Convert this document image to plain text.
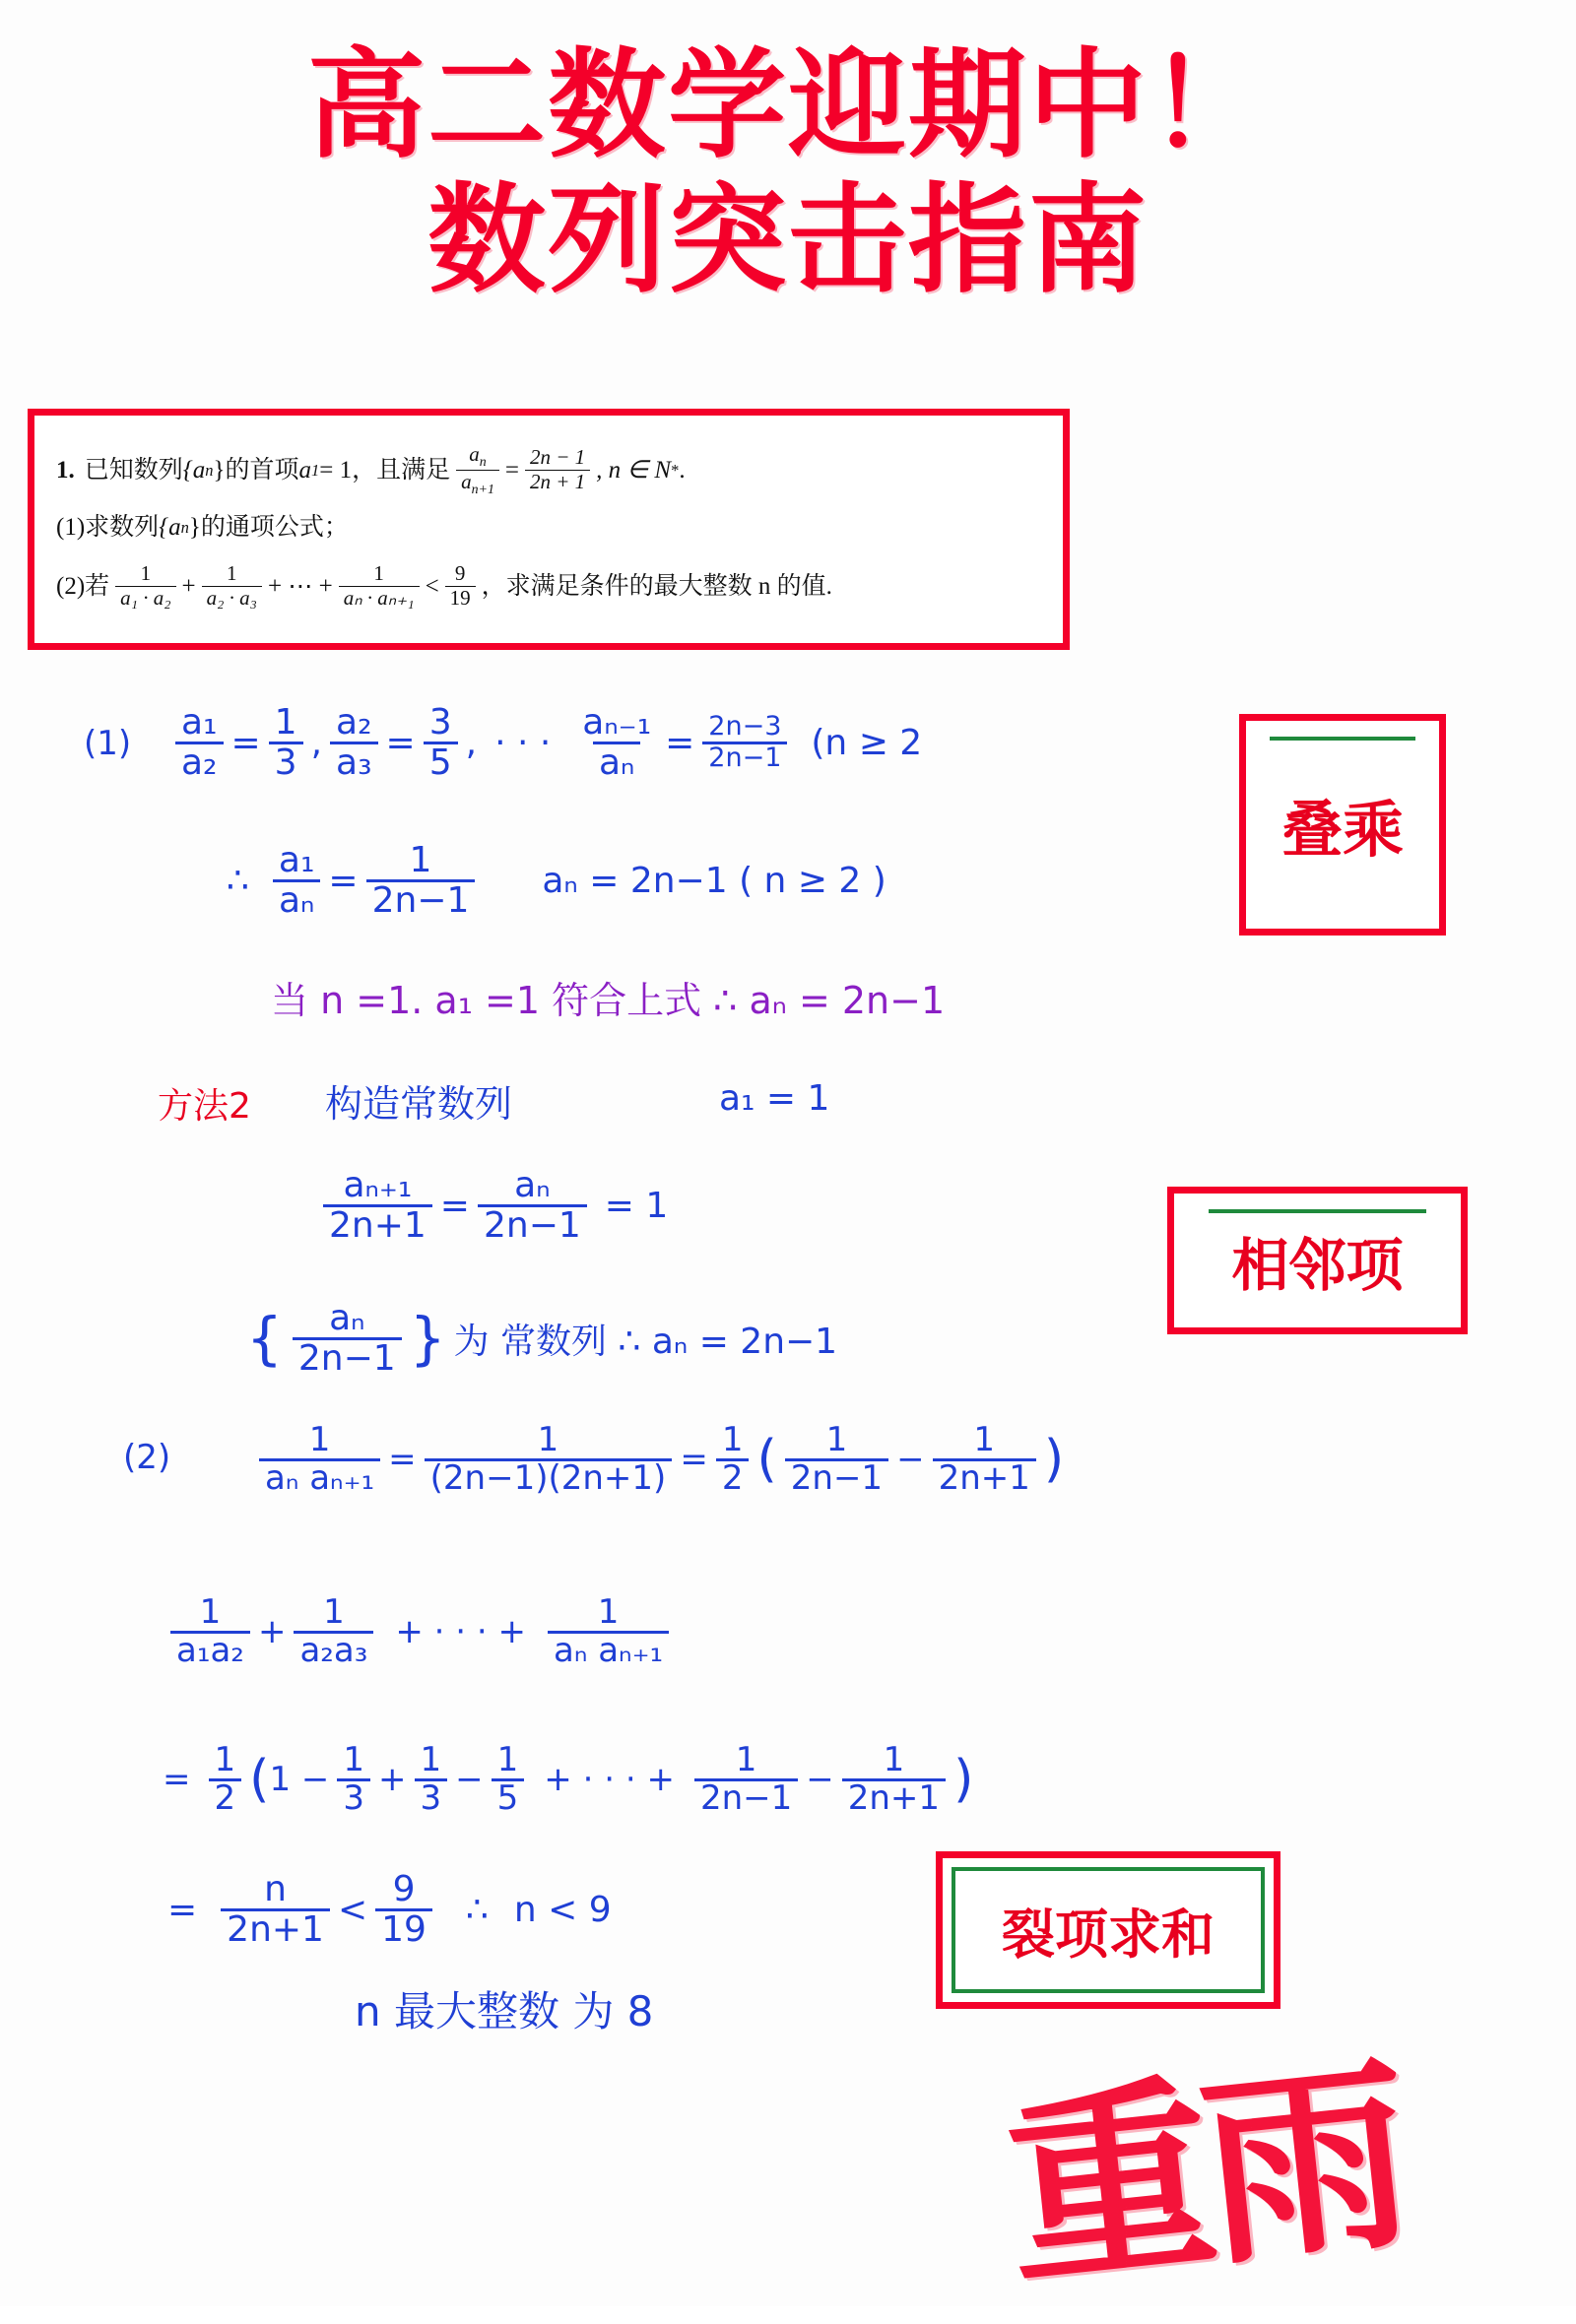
高二数学迎期中！
数列突击指南
1. 已知数列 {a n } 的首项 a 1 = 1， 且满足 $\frac{a_n}{a_{n+1}} = \frac{2n - 1}{2n + 1}$ , n ∈ N * .
(1)求数列 {a n } 的通项公式；
(2)若 $\frac{1}{\text{a₁ · a₂}} + \frac{1}{\text{a₂ · a₃}}$ + ⋯ + $\frac{1}{\text{aₙ · aₙ₊₁}} < \frac{9}{19}$ ，求满足条件的最大整数 n 的值.
$(1) \frac{\text{a₁}}{\text{a₂}} = \frac{1}{3}$ , $\frac{\text{a₂}}{\text{a₃}} = \frac{3}{5}$ , · · · $\frac{\text{aₙ₋₁}}{\text{aₙ}} = \frac{2n-3}{2n-1} (n \ge 2$
∴ $\frac{\text{a₁}}{\text{aₙ}} = \frac{1}{2n-1}$ aₙ = 2n−1 ( n ≥ 2 )
当 n =1. a₁ =1 符合上式 ∴ aₙ = 2n−1
方法2 构造常数列	a₁ = 1
$\frac{\text{aₙ₊₁}}{2n+1} = \frac{\text{aₙ}}{2n-1} = 1$
{ aₙ
2n−1 } 为 常数列 ∴ aₙ = 2n−1
(2)	$\frac{1}{\text{aₙ aₙ₊₁}} = \frac{1}{(2n-1)(2n+1)} = \frac{1}{2}$ ( 1
$2n-1 - \frac{1}{2n+1}$ )
1
$a_1a_2 + \frac{1}{\text{a₂a₃}}$ + · · · + $\frac{1}{\text{aₙ aₙ₊₁}}$
= $\frac{1}{2}$ ( $1 - \frac{1}{3} + \frac{1}{3} - \frac{1}{5}$ + · · · + $\frac{1}{2n-1} - \frac{1}{2n+1}$ )
= $\frac{n}{2n+1}$ <
9
19 ∴ n < 9
n 最大整数 为 8
叠乘
相邻项
裂项求和
重雨
